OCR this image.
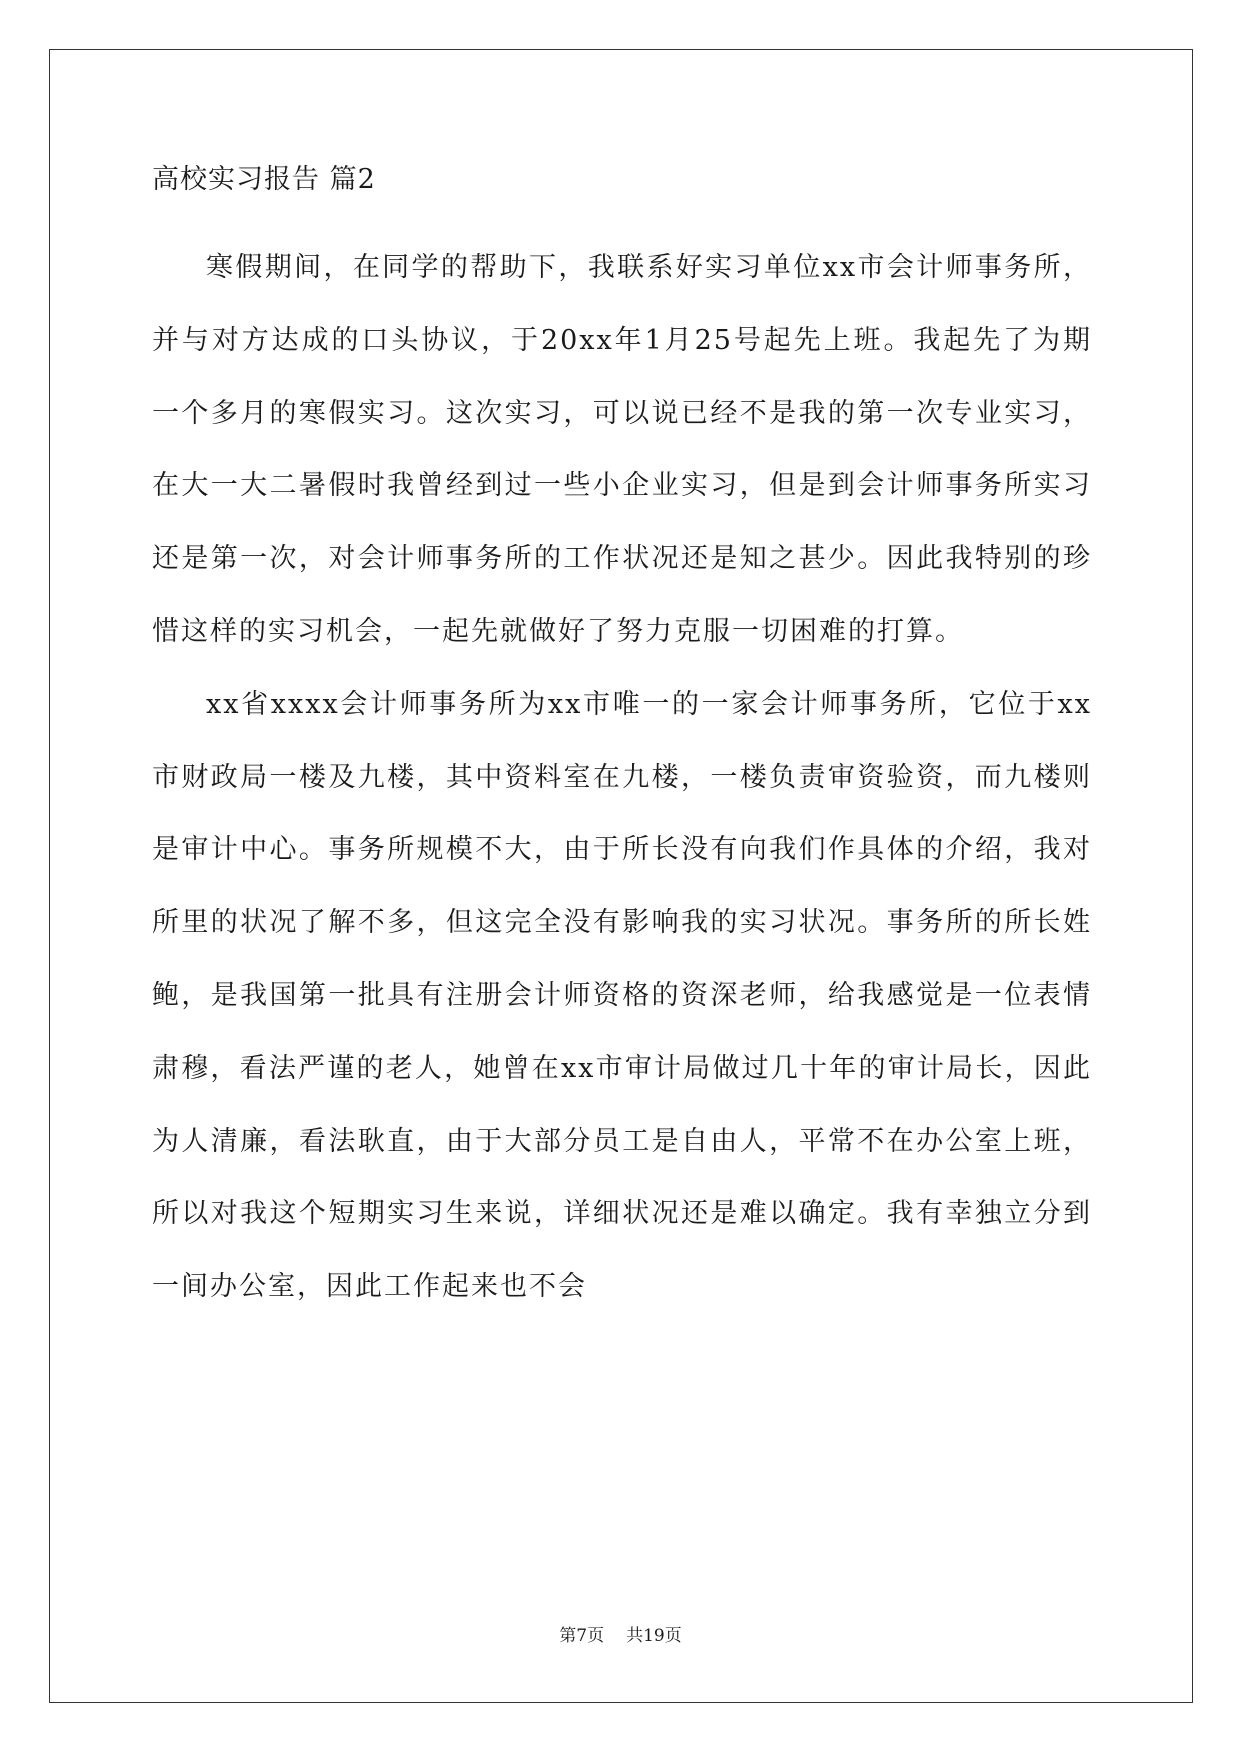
高校实习报告 篇2

寒假期间，在同学的帮助下，我联系好实习单位xx市会计师事务所，并与对方达成的口头协议，于20xx年1月25号起先上班。我起先了为期一个多月的寒假实习。这次实习，可以说已经不是我的第一次专业实习，在大一大二暑假时我曾经到过一些小企业实习，但是到会计师事务所实习还是第一次，对会计师事务所的工作状况还是知之甚少。因此我特别的珍惜这样的实习机会，一起先就做好了努力克服一切困难的打算。

xx省xxxx会计师事务所为xx市唯一的一家会计师事务所，它位于xx市财政局一楼及九楼，其中资料室在九楼，一楼负责审资验资，而九楼则是审计中心。事务所规模不大，由于所长没有向我们作具体的介绍，我对所里的状况了解不多，但这完全没有影响我的实习状况。事务所的所长姓鲍，是我国第一批具有注册会计师资格的资深老师，给我感觉是一位表情肃穆，看法严谨的老人，她曾在xx市审计局做过几十年的审计局长，因此为人清廉，看法耿直，由于大部分员工是自由人，平常不在办公室上班，所以对我这个短期实习生来说，详细状况还是难以确定。我有幸独立分到一间办公室，因此工作起来也不会

第7页 共19页
